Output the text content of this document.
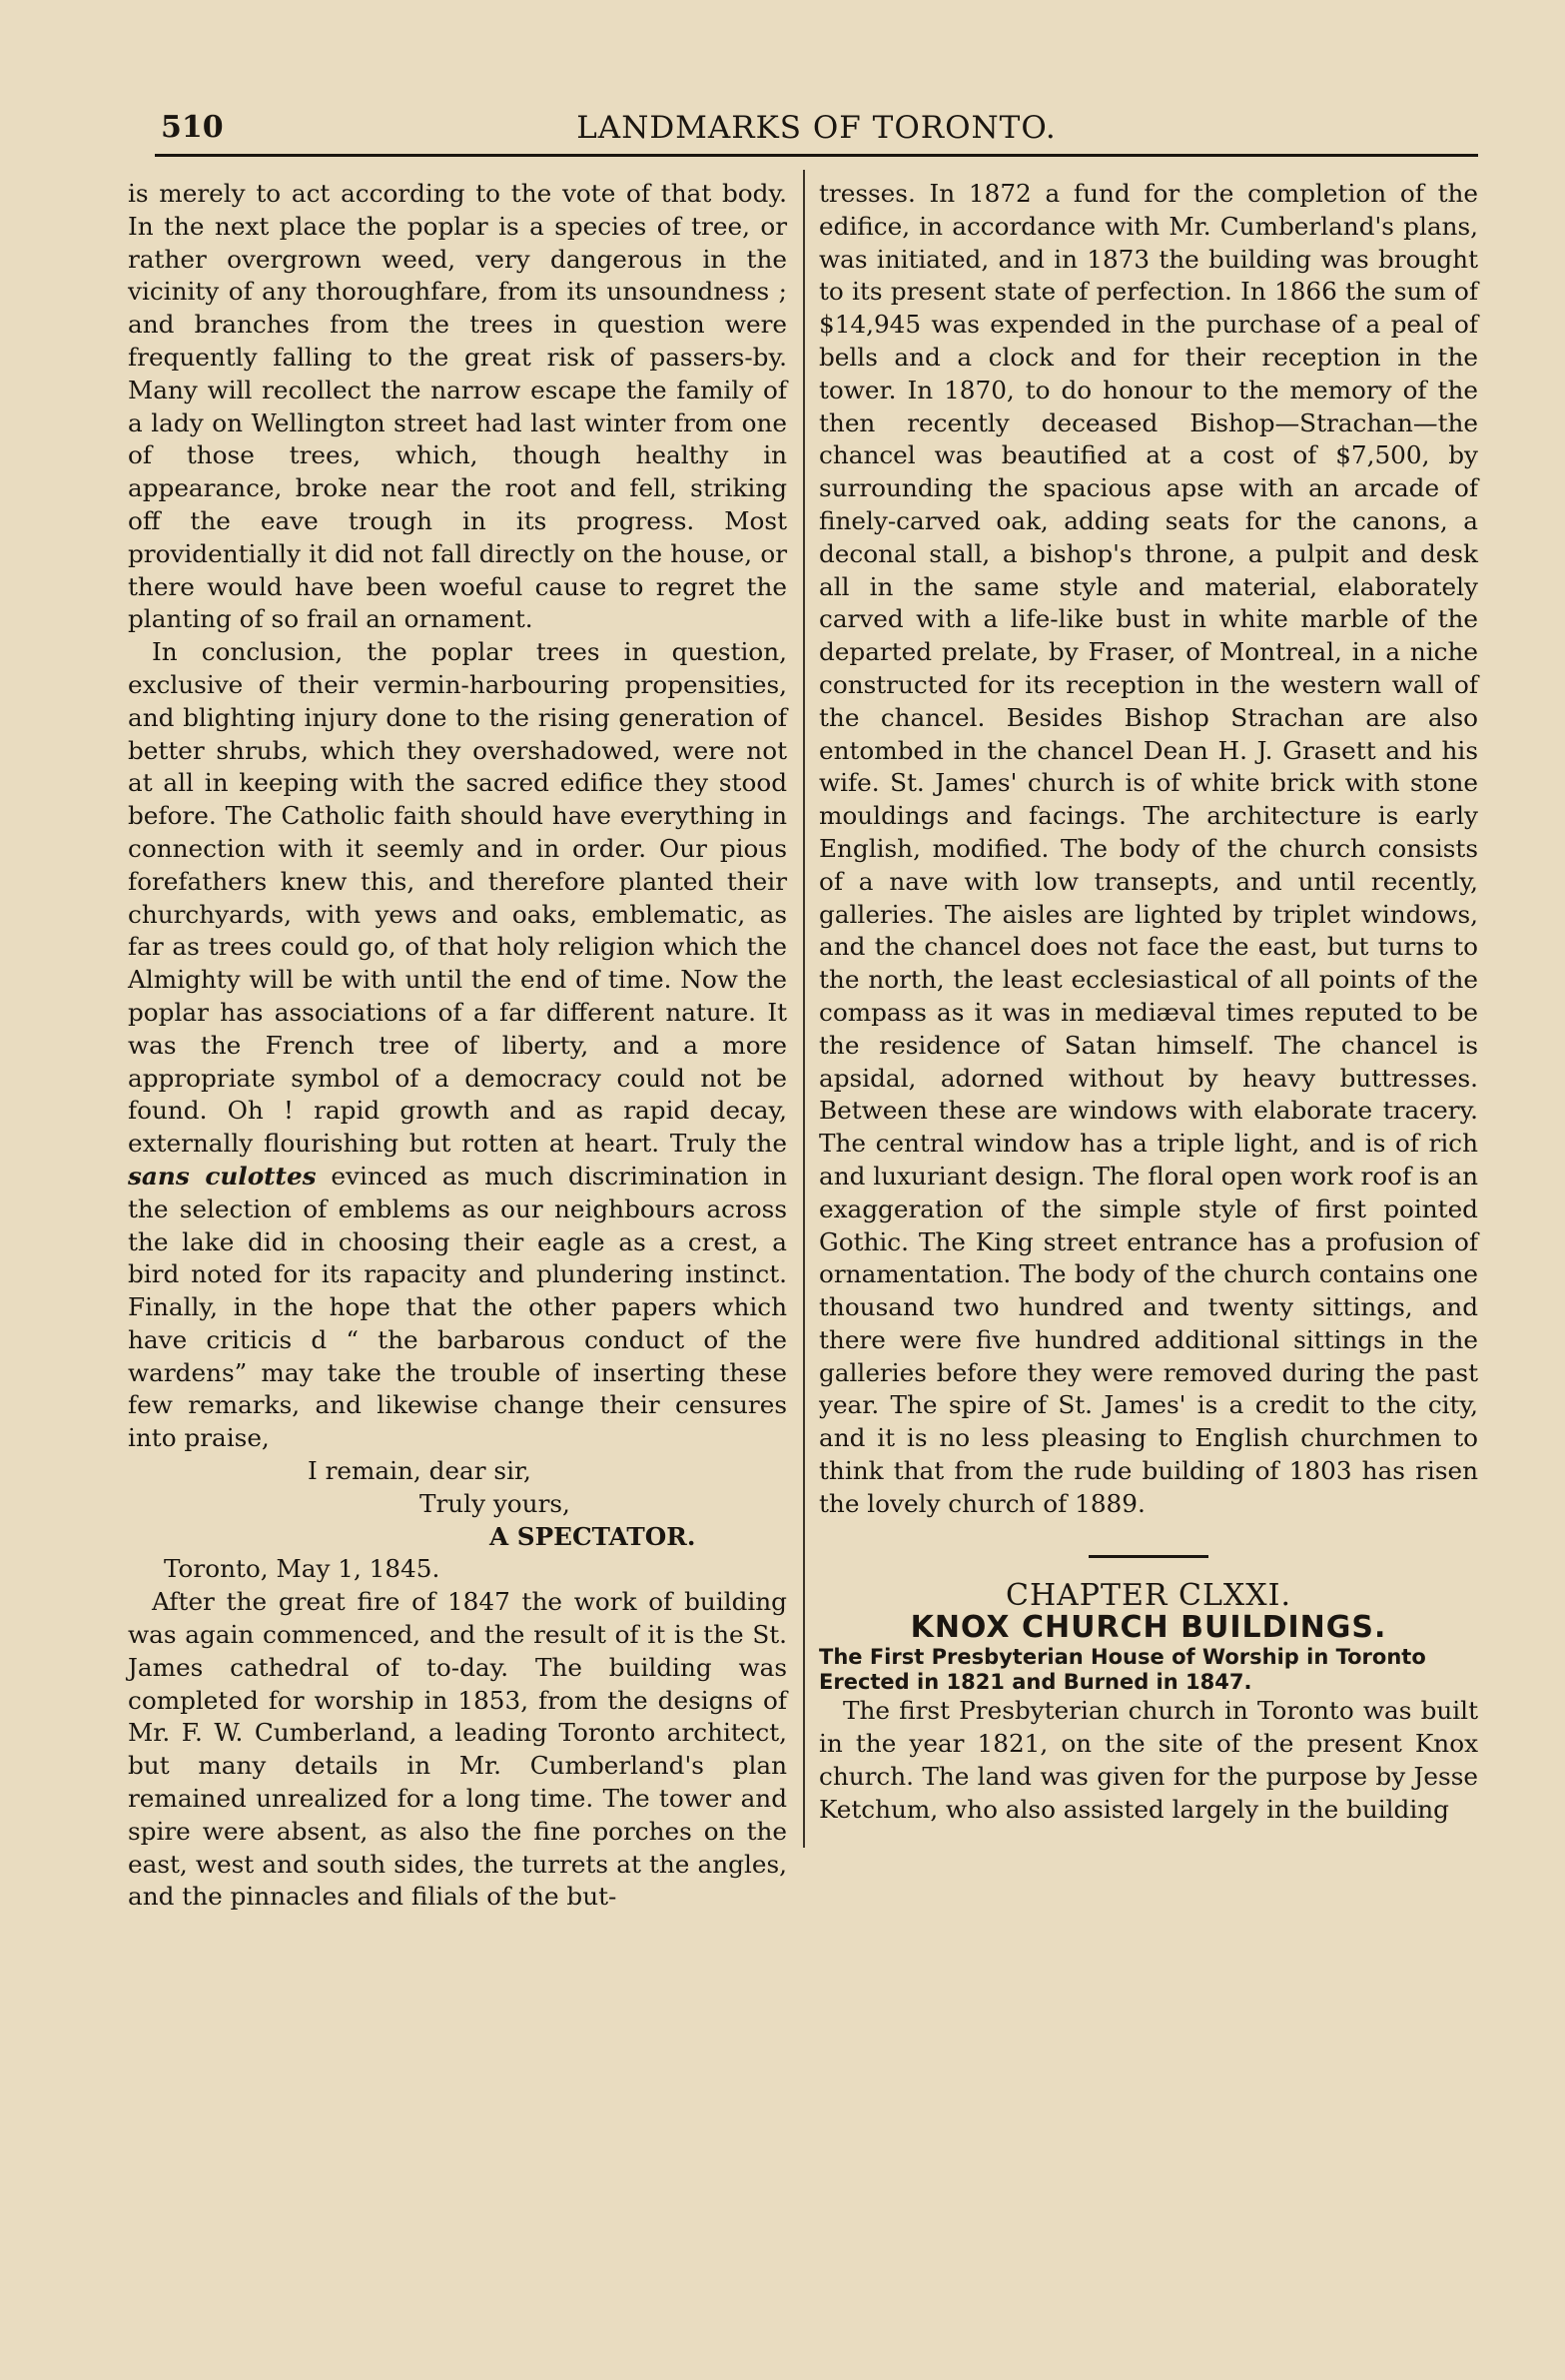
510	LANDMARKS OF TORONTO.

is merely to act according to the vote of that body. In the next place the poplar is a species of tree, or rather overgrown weed, very dangerous in the vicinity of any thoroughfare, from its unsoundness ; and branches from the trees in question were frequently falling to the great risk of passers-by. Many will recollect the narrow escape the family of a lady on Wellington street had last winter from one of those trees, which, though healthy in appearance, broke near the root and fell, striking off the eave trough in its progress. Most providentially it did not fall directly on the house, or there would have been woeful cause to regret the planting of so frail an ornament.

In conclusion, the poplar trees in question, exclusive of their vermin-harbouring propensities, and blighting injury done to the rising generation of better shrubs, which they overshadowed, were not at all in keeping with the sacred edifice they stood before. The Catholic faith should have everything in connection with it seemly and in order. Our pious forefathers knew this, and therefore planted their churchyards, with yews and oaks, emblematic, as far as trees could go, of that holy religion which the Almighty will be with until the end of time. Now the poplar has associations of a far different nature. It was the French tree of liberty, and a more appropriate symbol of a democracy could not be found. Oh ! rapid growth and as rapid decay, externally flourishing but rotten at heart. Truly the sans culottes evinced as much discrimination in the selection of emblems as our neighbours across the lake did in choosing their eagle as a crest, a bird noted for its rapacity and plundering instinct. Finally, in the hope that the other papers which have criticis d “ the barbarous conduct of the wardens” may take the trouble of inserting these few remarks, and likewise change their censures into praise,

I remain, dear sir,

Truly yours,

A SPECTATOR.

Toronto, May 1, 1845.

After the great fire of 1847 the work of building was again commenced, and the result of it is the St. James cathedral of to-day. The building was completed for worship in 1853, from the designs of Mr. F. W. Cumberland, a leading Toronto architect, but many details in Mr. Cumberland's plan remained unrealized for a long time. The tower and spire were absent, as also the fine porches on the east, west and south sides, the turrets at the angles, and the pinnacles and filials of the but-

tresses. In 1872 a fund for the completion of the edifice, in accordance with Mr. Cumberland's plans, was initiated, and in 1873 the building was brought to its present state of perfection. In 1866 the sum of $14,945 was expended in the purchase of a peal of bells and a clock and for their reception in the tower. In 1870, to do honour to the memory of the then recently deceased Bishop—Strachan—the chancel was beautified at a cost of $7,500, by surrounding the spacious apse with an arcade of finely-carved oak, adding seats for the canons, a deconal stall, a bishop's throne, a pulpit and desk all in the same style and material, elaborately carved with a life-like bust in white marble of the departed prelate, by Fraser, of Montreal, in a niche constructed for its reception in the western wall of the chancel. Besides Bishop Strachan are also entombed in the chancel Dean H. J. Grasett and his wife. St. James' church is of white brick with stone mouldings and facings. The architecture is early English, modified. The body of the church consists of a nave with low transepts, and until recently, galleries. The aisles are lighted by triplet windows, and the chancel does not face the east, but turns to the north, the least ecclesiastical of all points of the compass as it was in mediæval times reputed to be the residence of Satan himself. The chancel is apsidal, adorned without by heavy buttresses. Between these are windows with elaborate tracery. The central window has a triple light, and is of rich and luxuriant design. The floral open work roof is an exaggeration of the simple style of first pointed Gothic. The King street entrance has a profusion of ornamentation. The body of the church contains one thousand two hundred and twenty sittings, and there were five hundred additional sittings in the galleries before they were removed during the past year. The spire of St. James' is a credit to the city, and it is no less pleasing to English churchmen to think that from the rude building of 1803 has risen the lovely church of 1889.

CHAPTER CLXXI.

KNOX CHURCH BUILDINGS.

The First Presbyterian House of Worship in Toronto Erected in 1821 and Burned in 1847.

The first Presbyterian church in Toronto was built in the year 1821, on the site of the present Knox church. The land was given for the purpose by Jesse Ketchum, who also assisted largely in the building
